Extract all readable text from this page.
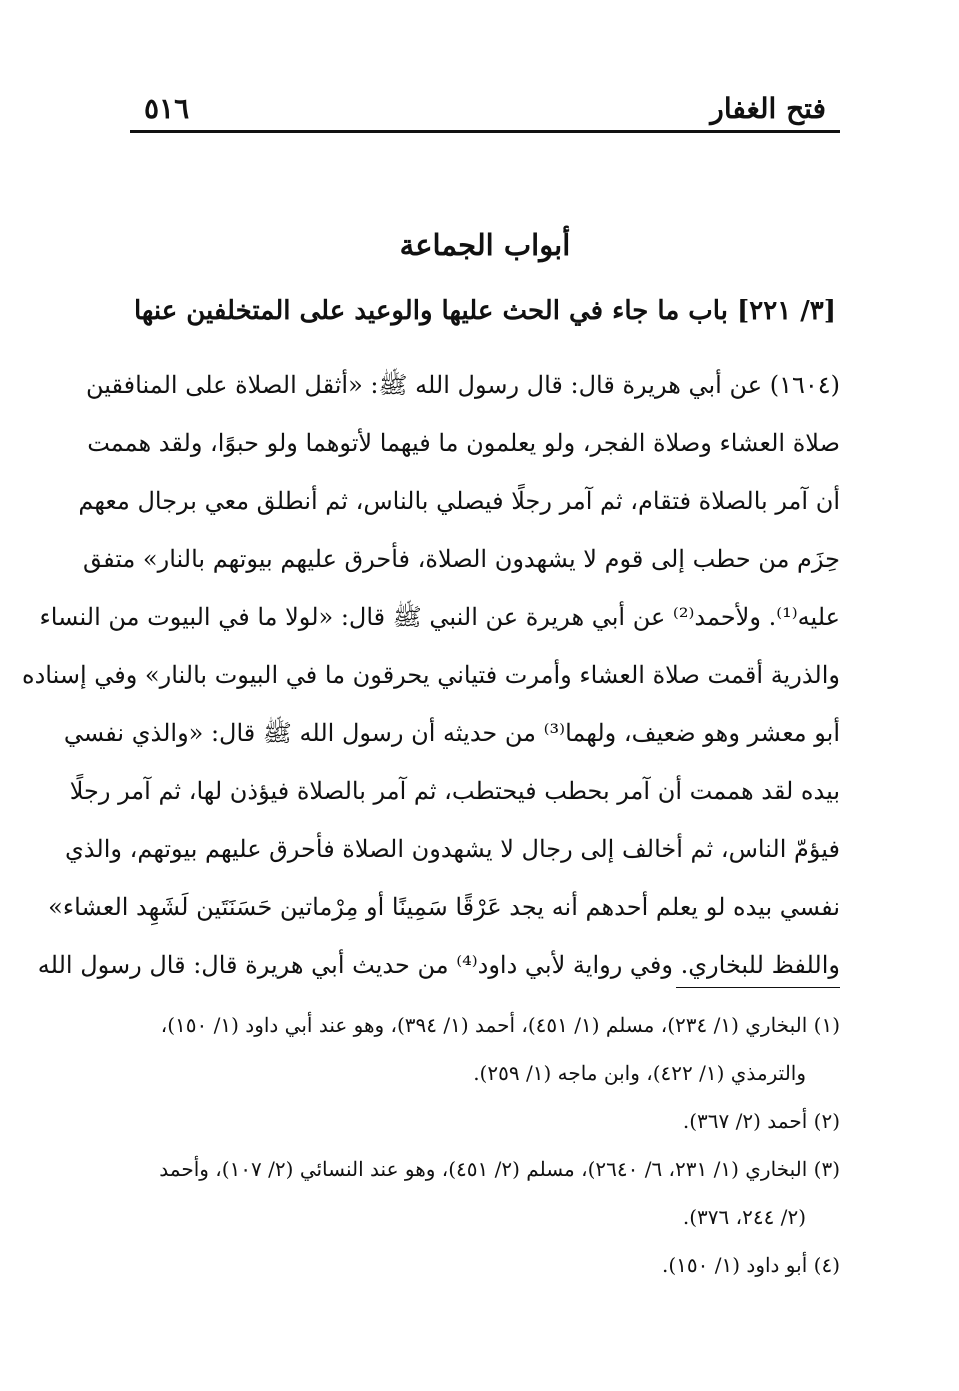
فتح الغفار
٥١٦
أبواب الجماعة
[٣/ ٢٢١] باب ما جاء في الحث عليها والوعيد على المتخلفين عنها
(١٦٠٤) عن أبي هريرة قال: قال رسول الله ﷺ: «أثقل الصلاة على المنافقين
صلاة العشاء وصلاة الفجر، ولو يعلمون ما فيهما لأتوهما ولو حبوًا، ولقد هممت
أن آمر بالصلاة فتقام، ثم آمر رجلًا فيصلي بالناس، ثم أنطلق معي برجال معهم
حِزَم من حطب إلى قوم لا يشهدون الصلاة، فأحرق عليهم بيوتهم بالنار» متفق
عليه⁽¹⁾. ولأحمد⁽²⁾ عن أبي هريرة عن النبي ﷺ قال: «لولا ما في البيوت من النساء
والذرية أقمت صلاة العشاء وأمرت فتياني يحرقون ما في البيوت بالنار» وفي إسناده
أبو معشر وهو ضعيف، ولهما⁽³⁾ من حديثه أن رسول الله ﷺ قال: «والذي نفسي
بيده لقد هممت أن آمر بحطب فيحتطب، ثم آمر بالصلاة فيؤذن لها، ثم آمر رجلًا
فيؤمّ الناس، ثم أخالف إلى رجال لا يشهدون الصلاة فأحرق عليهم بيوتهم، والذي
نفسي بيده لو يعلم أحدهم أنه يجد عَرْقًا سَمِينًا أو مِرْماتين حَسَنَتَين لَشَهِد العشاء»
واللفظ للبخاري. وفي رواية لأبي داود⁽⁴⁾ من حديث أبي هريرة قال: قال رسول الله
(١) البخاري (١/ ٢٣٤)، مسلم (١/ ٤٥١)، أحمد (١/ ٣٩٤)، وهو عند أبي داود (١/ ١٥٠)،
والترمذي (١/ ٤٢٢)، وابن ماجه (١/ ٢٥٩).
(٢) أحمد (٢/ ٣٦٧).
(٣) البخاري (١/ ٢٣١، ٦/ ٢٦٤٠)، مسلم (٢/ ٤٥١)، وهو عند النسائي (٢/ ١٠٧)، وأحمد
(٢/ ٢٤٤، ٣٧٦).
(٤) أبو داود (١/ ١٥٠).
